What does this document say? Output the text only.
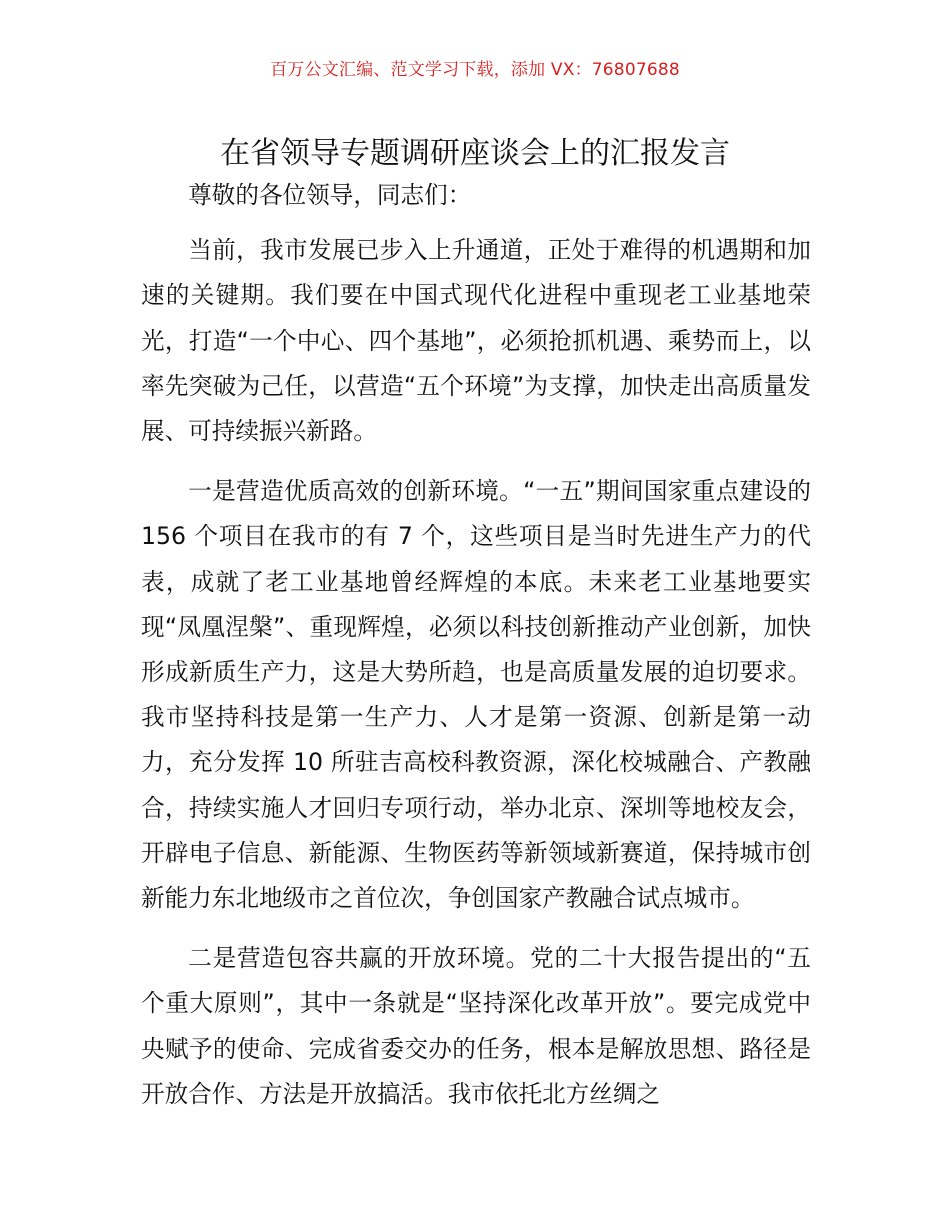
百万公文汇编、范文学习下载，添加 VX：76807688
在省领导专题调研座谈会上的汇报发言

尊敬的各位领导，同志们：

当前，我市发展已步入上升通道，正处于难得的机遇期和加速的关键期。我们要在中国式现代化进程中重现老工业基地荣光，打造“一个中心、四个基地”，必须抢抓机遇、乘势而上，以率先突破为己任，以营造“五个环境”为支撑，加快走出高质量发展、可持续振兴新路。

一是营造优质高效的创新环境。“一五”期间国家重点建设的 156 个项目在我市的有 7 个，这些项目是当时先进生产力的代表，成就了老工业基地曾经辉煌的本底。未来老工业基地要实现“凤凰涅槃”、重现辉煌，必须以科技创新推动产业创新，加快形成新质生产力，这是大势所趋，也是高质量发展的迫切要求。我市坚持科技是第一生产力、人才是第一资源、创新是第一动力，充分发挥 10 所驻吉高校科教资源，深化校城融合、产教融合，持续实施人才回归专项行动，举办北京、深圳等地校友会，开辟电子信息、新能源、生物医药等新领域新赛道，保持城市创新能力东北地级市之首位次，争创国家产教融合试点城市。

二是营造包容共赢的开放环境。党的二十大报告提出的“五个重大原则”，其中一条就是“坚持深化改革开放”。要完成党中央赋予的使命、完成省委交办的任务，根本是解放思想、路径是开放合作、方法是开放搞活。我市依托北方丝绸之
